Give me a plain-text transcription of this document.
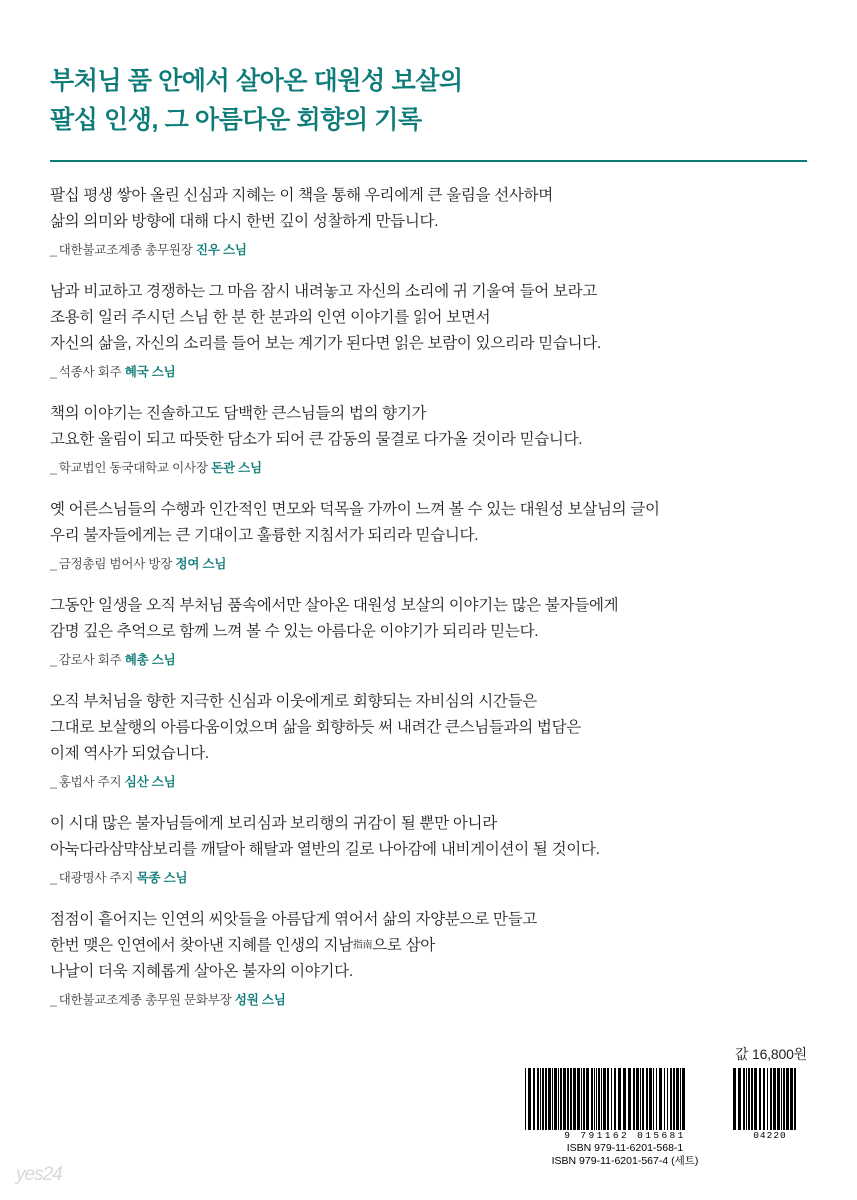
부처님 품 안에서 살아온 대원성 보살의
팔십 인생, 그 아름다운 회향의 기록
팔십 평생 쌓아 올린 신심과 지혜는 이 책을 통해 우리에게 큰 울림을 선사하며
삶의 의미와 방향에 대해 다시 한번 깊이 성찰하게 만듭니다.
_ 대한불교조계종 총무원장 진우 스님
남과 비교하고 경쟁하는 그 마음 잠시 내려놓고 자신의 소리에 귀 기울여 들어 보라고
조용히 일러 주시던 스님 한 분 한 분과의 인연 이야기를 읽어 보면서
자신의 삶을, 자신의 소리를 들어 보는 계기가 된다면 읽은 보람이 있으리라 믿습니다.
_ 석종사 회주 혜국 스님
책의 이야기는 진솔하고도 담백한 큰스님들의 법의 향기가
고요한 울림이 되고 따뜻한 담소가 되어 큰 감동의 물결로 다가올 것이라 믿습니다.
_ 학교법인 동국대학교 이사장 돈관 스님
옛 어른스님들의 수행과 인간적인 면모와 덕목을 가까이 느껴 볼 수 있는 대원성 보살님의 글이
우리 불자들에게는 큰 기대이고 훌륭한 지침서가 되리라 믿습니다.
_ 금정총림 범어사 방장 정여 스님
그동안 일생을 오직 부처님 품속에서만 살아온 대원성 보살의 이야기는 많은 불자들에게
감명 깊은 추억으로 함께 느껴 볼 수 있는 아름다운 이야기가 되리라 믿는다.
_ 감로사 회주 혜총 스님
오직 부처님을 향한 지극한 신심과 이웃에게로 회향되는 자비심의 시간들은
그대로 보살행의 아름다움이었으며 삶을 회향하듯 써 내려간 큰스님들과의 법담은
이제 역사가 되었습니다.
_ 홍법사 주지 심산 스님
이 시대 많은 불자님들에게 보리심과 보리행의 귀감이 될 뿐만 아니라
아눅다라삼먁삼보리를 깨달아 해탈과 열반의 길로 나아감에 내비게이션이 될 것이다.
_ 대광명사 주지 목종 스님
점점이 흩어지는 인연의 씨앗들을 아름답게 엮어서 삶의 자양분으로 만들고
한번 맺은 인연에서 찾아낸 지혜를 인생의 지남$^{指南}$으로 삼아
나날이 더욱 지혜롭게 살아온 불자의 이야기다.
_ 대한불교조계종 총무원 문화부장 성원 스님
값 16,800원
9 791162 015681	04220
ISBN 979-11-6201-568-1
ISBN 979-11-6201-567-4 (세트)
yes24
